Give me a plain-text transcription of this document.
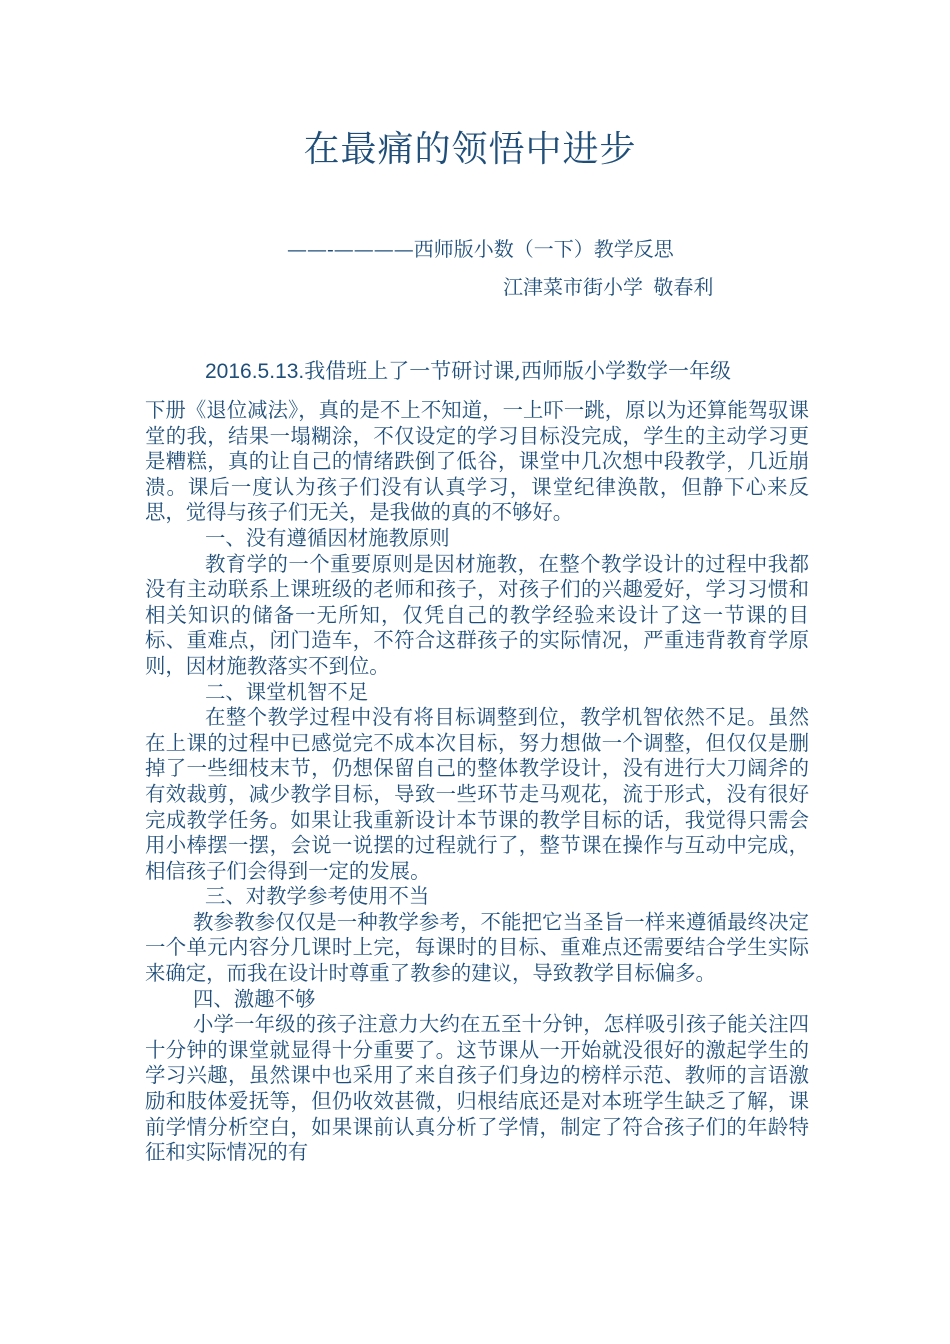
在最痛的领悟中进步
——-————西师版小数（一下）教学反思
江津菜市街小学 敬春利
2016.5.13.我借班上了一节研讨课,西师版小学数学一年级

下册《退位减法》，真的是不上不知道，一上吓一跳，原以为还算能驾驭课堂的我，结果一塌糊涂，不仅设定的学习目标没完成，学生的主动学习更是糟糕，真的让自己的情绪跌倒了低谷，课堂中几次想中段教学，几近崩溃。课后一度认为孩子们没有认真学习，课堂纪律涣散，但静下心来反思，觉得与孩子们无关，是我做的真的不够好。

一、没有遵循因材施教原则

教育学的一个重要原则是因材施教，在整个教学设计的过程中我都没有主动联系上课班级的老师和孩子，对孩子们的兴趣爱好，学习习惯和相关知识的储备一无所知，仅凭自己的教学经验来设计了这一节课的目标、重难点，闭门造车，不符合这群孩子的实际情况，严重违背教育学原则，因材施教落实不到位。

二、课堂机智不足

在整个教学过程中没有将目标调整到位，教学机智依然不足。虽然在上课的过程中已感觉完不成本次目标，努力想做一个调整，但仅仅是删掉了一些细枝末节，仍想保留自己的整体教学设计，没有进行大刀阔斧的有效裁剪，减少教学目标，导致一些环节走马观花，流于形式，没有很好完成教学任务。如果让我重新设计本节课的教学目标的话，我觉得只需会用小棒摆一摆，会说一说摆的过程就行了，整节课在操作与互动中完成，相信孩子们会得到一定的发展。

三、对教学参考使用不当

教参教参仅仅是一种教学参考，不能把它当圣旨一样来遵循最终决定一个单元内容分几课时上完，每课时的目标、重难点还需要结合学生实际来确定，而我在设计时尊重了教参的建议，导致教学目标偏多。

四、激趣不够

小学一年级的孩子注意力大约在五至十分钟，怎样吸引孩子能关注四十分钟的课堂就显得十分重要了。这节课从一开始就没很好的激起学生的学习兴趣，虽然课中也采用了来自孩子们身边的榜样示范、教师的言语激励和肢体爱抚等，但仍收效甚微，归根结底还是对本班学生缺乏了解，课前学情分析空白，如果课前认真分析了学情，制定了符合孩子们的年龄特征和实际情况的有
